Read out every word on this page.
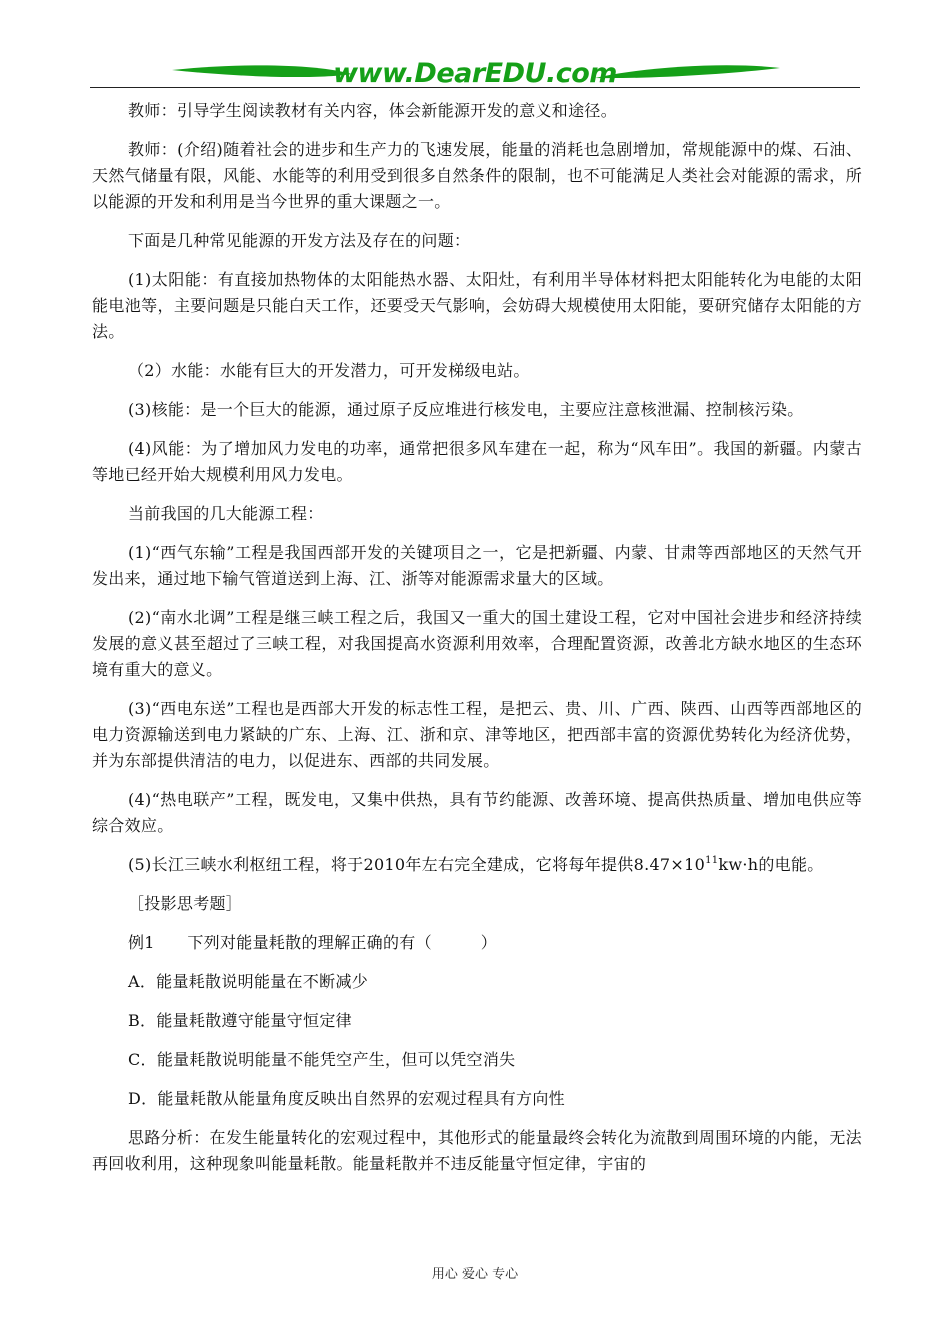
www.DearEDU.com

教师：引导学生阅读教材有关内容，体会新能源开发的意义和途径。

教师：(介绍)随着社会的进步和生产力的飞速发展，能量的消耗也急剧增加，常规能源中的煤、石油、天然气储量有限，风能、水能等的利用受到很多自然条件的限制，也不可能满足人类社会对能源的需求，所以能源的开发和利用是当今世界的重大课题之一。

下面是几种常见能源的开发方法及存在的问题：

(1)太阳能：有直接加热物体的太阳能热水器、太阳灶，有利用半导体材料把太阳能转化为电能的太阳能电池等，主要问题是只能白天工作，还要受天气影响，会妨碍大规模使用太阳能，要研究储存太阳能的方法。

（2）水能：水能有巨大的开发潜力，可开发梯级电站。

(3)核能：是一个巨大的能源，通过原子反应堆进行核发电，主要应注意核泄漏、控制核污染。

(4)风能：为了增加风力发电的功率，通常把很多风车建在一起，称为“风车田”。我国的新疆。内蒙古等地已经开始大规模利用风力发电。

当前我国的几大能源工程：

(1)“西气东输”工程是我国西部开发的关键项目之一，它是把新疆、内蒙、甘肃等西部地区的天然气开发出来，通过地下输气管道送到上海、江、浙等对能源需求量大的区域。

(2)“南水北调”工程是继三峡工程之后，我国又一重大的国土建设工程，它对中国社会进步和经济持续发展的意义甚至超过了三峡工程，对我国提高水资源利用效率，合理配置资源，改善北方缺水地区的生态环境有重大的意义。

(3)“西电东送”工程也是西部大开发的标志性工程，是把云、贵、川、广西、陕西、山西等西部地区的电力资源输送到电力紧缺的广东、上海、江、浙和京、津等地区，把西部丰富的资源优势转化为经济优势，并为东部提供清洁的电力，以促进东、西部的共同发展。

(4)“热电联产”工程，既发电，又集中供热，具有节约能源、改善环境、提高供热质量、增加电供应等综合效应。

(5)长江三峡水利枢纽工程，将于2010年左右完全建成，它将每年提供$8.47\times 10^{11}kw\cdot h$的电能。

［投影思考题］

例1　　下列对能量耗散的理解正确的有（　　　）

A．能量耗散说明能量在不断减少

B．能量耗散遵守能量守恒定律

C．能量耗散说明能量不能凭空产生，但可以凭空消失

D．能量耗散从能量角度反映出自然界的宏观过程具有方向性

思路分析：在发生能量转化的宏观过程中，其他形式的能量最终会转化为流散到周围环境的内能，无法再回收利用，这种现象叫能量耗散。能量耗散并不违反能量守恒定律，宇宙的

用心 爱心 专心
